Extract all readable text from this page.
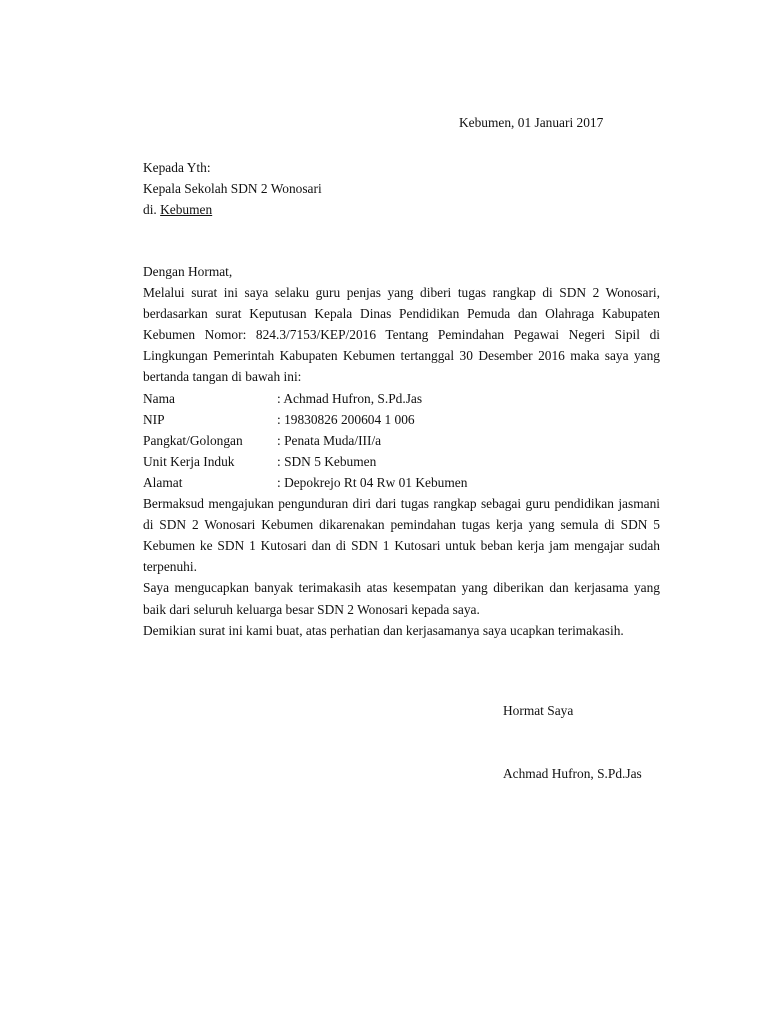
Kebumen, 01 Januari 2017
Kepada Yth:
Kepala Sekolah SDN 2 Wonosari
di. Kebumen
Dengan Hormat,

Melalui surat ini saya selaku guru penjas yang diberi tugas rangkap di SDN 2 Wonosari, berdasarkan surat Keputusan Kepala Dinas Pendidikan Pemuda dan Olahraga Kabupaten Kebumen Nomor: 824.3/7153/KEP/2016 Tentang Pemindahan Pegawai Negeri Sipil di Lingkungan Pemerintah Kabupaten Kebumen tertanggal 30 Desember 2016 maka saya yang bertanda tangan di bawah ini:

Nama	: Achmad Hufron, S.Pd.Jas
NIP	: 19830826 200604 1 006
Pangkat/Golongan	: Penata Muda/III/a
Unit Kerja Induk	: SDN 5 Kebumen
Alamat	: Depokrejo Rt 04 Rw 01 Kebumen

Bermaksud mengajukan pengunduran diri dari tugas rangkap sebagai guru pendidikan jasmani di SDN 2 Wonosari Kebumen dikarenakan pemindahan tugas kerja yang semula di SDN 5 Kebumen ke SDN 1 Kutosari dan di SDN 1 Kutosari untuk beban kerja jam mengajar sudah terpenuhi.

Saya mengucapkan banyak terimakasih atas kesempatan yang diberikan dan kerjasama yang baik dari seluruh keluarga besar SDN 2 Wonosari kepada saya.

Demikian surat ini kami buat, atas perhatian dan kerjasamanya saya ucapkan terimakasih.

Hormat Saya
Achmad Hufron, S.Pd.Jas
